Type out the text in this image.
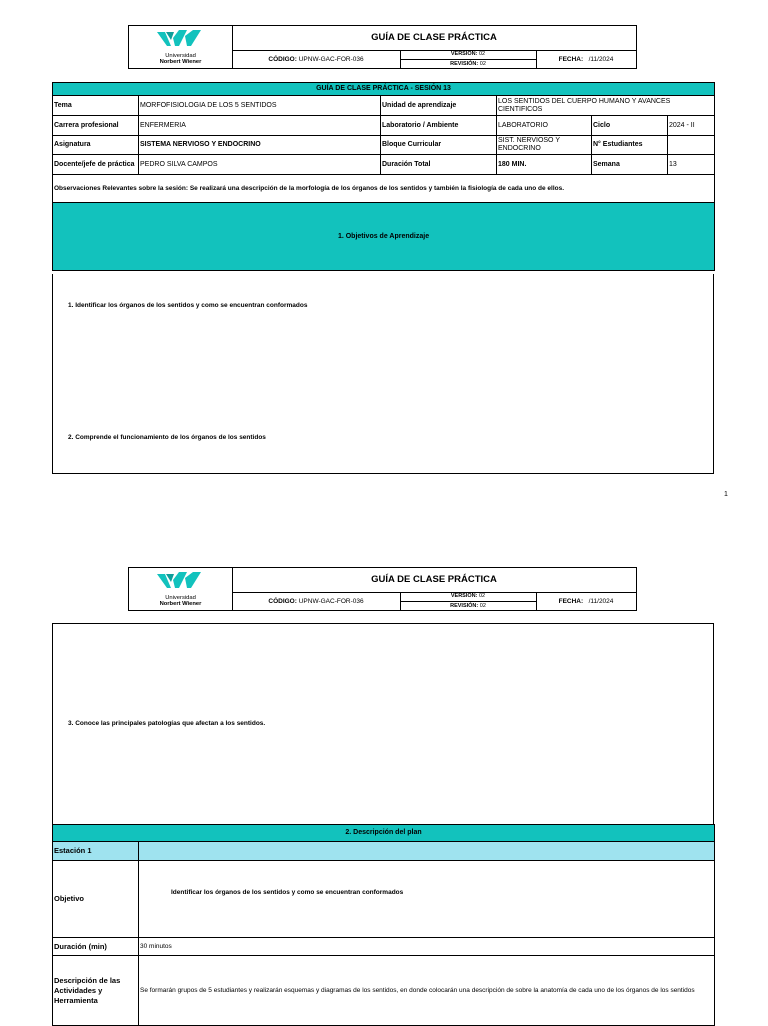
Universidad
Norbert Wiener
GUÍA DE CLASE PRÁCTICA
CÓDIGO: UPNW-GAC-FOR-036
VERSIÓN: 02
REVISIÓN: 02
FECHA: /11/2024
GUÍA DE CLASE PRÁCTICA - SESIÓN 13					
Tema	MORFOFISIOLOGIA DE LOS 5 SENTIDOS	Unidad de aprendizaje	LOS SENTIDOS DEL CUERPO HUMANO Y AVANCES CIENTIFICOS		
Carrera profesional	ENFERMERIA	Laboratorio / Ambiente	LABORATORIO	Ciclo	2024 - II
Asignatura	SISTEMA NERVIOSO Y ENDOCRINO	Bloque Curricular	SIST. NERVIOSO Y ENDOCRINO	N° Estudiantes	
Docente/jefe de práctica	PEDRO SILVA CAMPOS	Duración Total	180 MIN.	Semana	13
Observaciones Relevantes sobre la sesión: Se realizará una descripción de la morfología de los órganos de los sentidos y también la fisiología de cada uno de ellos.					
1. Objetivos de Aprendizaje					
1. Identificar los órganos de los sentidos y como se encuentran conformados
2. Comprende el funcionamiento de los órganos de los sentidos
1
Universidad
Norbert Wiener
GUÍA DE CLASE PRÁCTICA
CÓDIGO: UPNW-GAC-FOR-036
VERSIÓN: 02
REVISIÓN: 02
FECHA: /11/2024
3. Conoce las principales patologías que afectan a los sentidos.
2. Descripción del plan	
Estación 1	
Objetivo	Identificar los órganos de los sentidos y como se encuentran conformados
Duración (min)	30 minutos
Descripción de las Actividades y Herramienta	Se formarán grupos de 5 estudiantes y realizarán esquemas y diagramas de los sentidos, en donde colocarán una descripción de sobre la anatomía de cada uno de los órganos de los sentidos
